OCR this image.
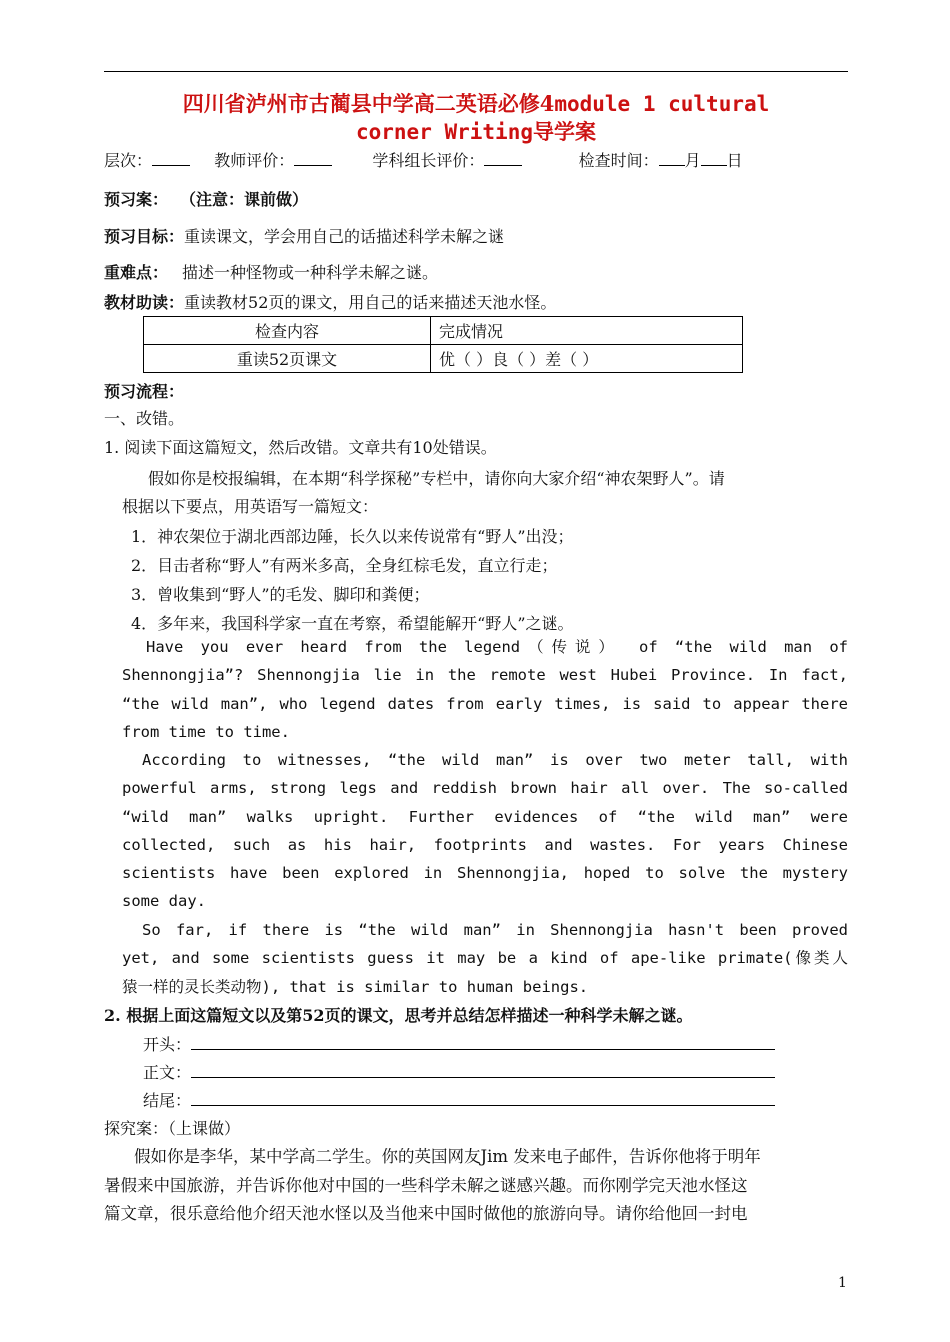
四川省泸州市古蔺县中学高二英语必修4module 1 cultural
corner Writing导学案
层次：	教师评价：	学科组长评价：	检查时间： 月 日
预习案： （注意：课前做）
预习目标：重读课文，学会用自己的话描述科学未解之谜
重难点： 描述一种怪物或一种科学未解之谜。
教材助读：重读教材52页的课文，用自己的话来描述天池水怪。
检查内容	完成情况
重读52页课文	优（ ）良（ ）差（ ）
预习流程：
一、改错。
1. 阅读下面这篇短文，然后改错。文章共有10处错误。
假如你是校报编辑，在本期“科学探秘”专栏中，请你向大家介绍“神农架野人”。请
根据以下要点，用英语写一篇短文：
1．神农架位于湖北西部边陲，长久以来传说常有“野人”出没；
2．目击者称“野人”有两米多高，全身红棕毛发，直立行走；
3．曾收集到“野人”的毛发、脚印和粪便；
4．多年来，我国科学家一直在考察，希望能解开“野人”之谜。
Have you ever heard from the legend（传说） of “the wild man of
Shennongjia”? Shennongjia lie in the remote west Hubei Province. In fact,
“the wild man”, who legend dates from early times, is said to appear there
from time to time.
According to witnesses, “the wild man” is over two meter tall, with
powerful arms, strong legs and reddish brown hair all over. The so-called
“wild man” walks upright. Further evidences of “the wild man” were
collected, such as his hair, footprints and wastes. For years Chinese
scientists have been explored in Shennongjia, hoped to solve the mystery
some day.
So far, if there is “the wild man” in Shennongjia hasn't been proved
yet, and some scientists guess it may be a kind of ape-like primate(像类人
猿一样的灵长类动物), that is similar to human beings.
2. 根据上面这篇短文以及第52页的课文，思考并总结怎样描述一种科学未解之谜。
开头：
正文：
结尾：
探究案：（上课做）
假如你是李华，某中学高二学生。你的英国网友Jim 发来电子邮件，告诉你他将于明年
暑假来中国旅游，并告诉你他对中国的一些科学未解之谜感兴趣。而你刚学完天池水怪这
篇文章，很乐意给他介绍天池水怪以及当他来中国时做他的旅游向导。请你给他回一封电
1
